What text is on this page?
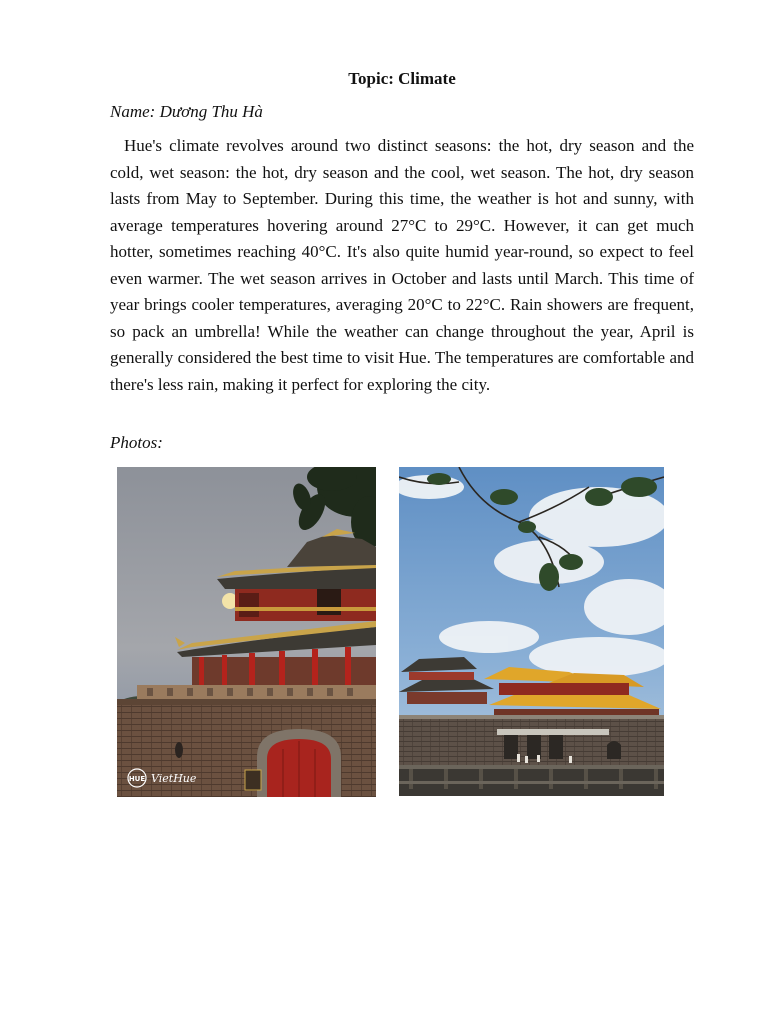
Topic: Climate
Name: Dương Thu Hà

Hue's climate revolves around two distinct seasons: the hot, dry season and the cold, wet season: the hot, dry season and the cool, wet season. The hot, dry season lasts from May to September. During this time, the weather is hot and sunny, with average temperatures hovering around 27°C to 29°C. However, it can get much hotter, sometimes reaching 40°C. It's also quite humid year-round, so expect to feel even warmer. The wet season arrives in October and lasts until March. This time of year brings cooler temperatures, averaging 20°C to 22°C. Rain showers are frequent, so pack an umbrella! While the weather can change throughout the year, April is generally considered the best time to visit Hue. The temperatures are comfortable and there's less rain, making it perfect for exploring the city.

Photos:
HUE VietHue
